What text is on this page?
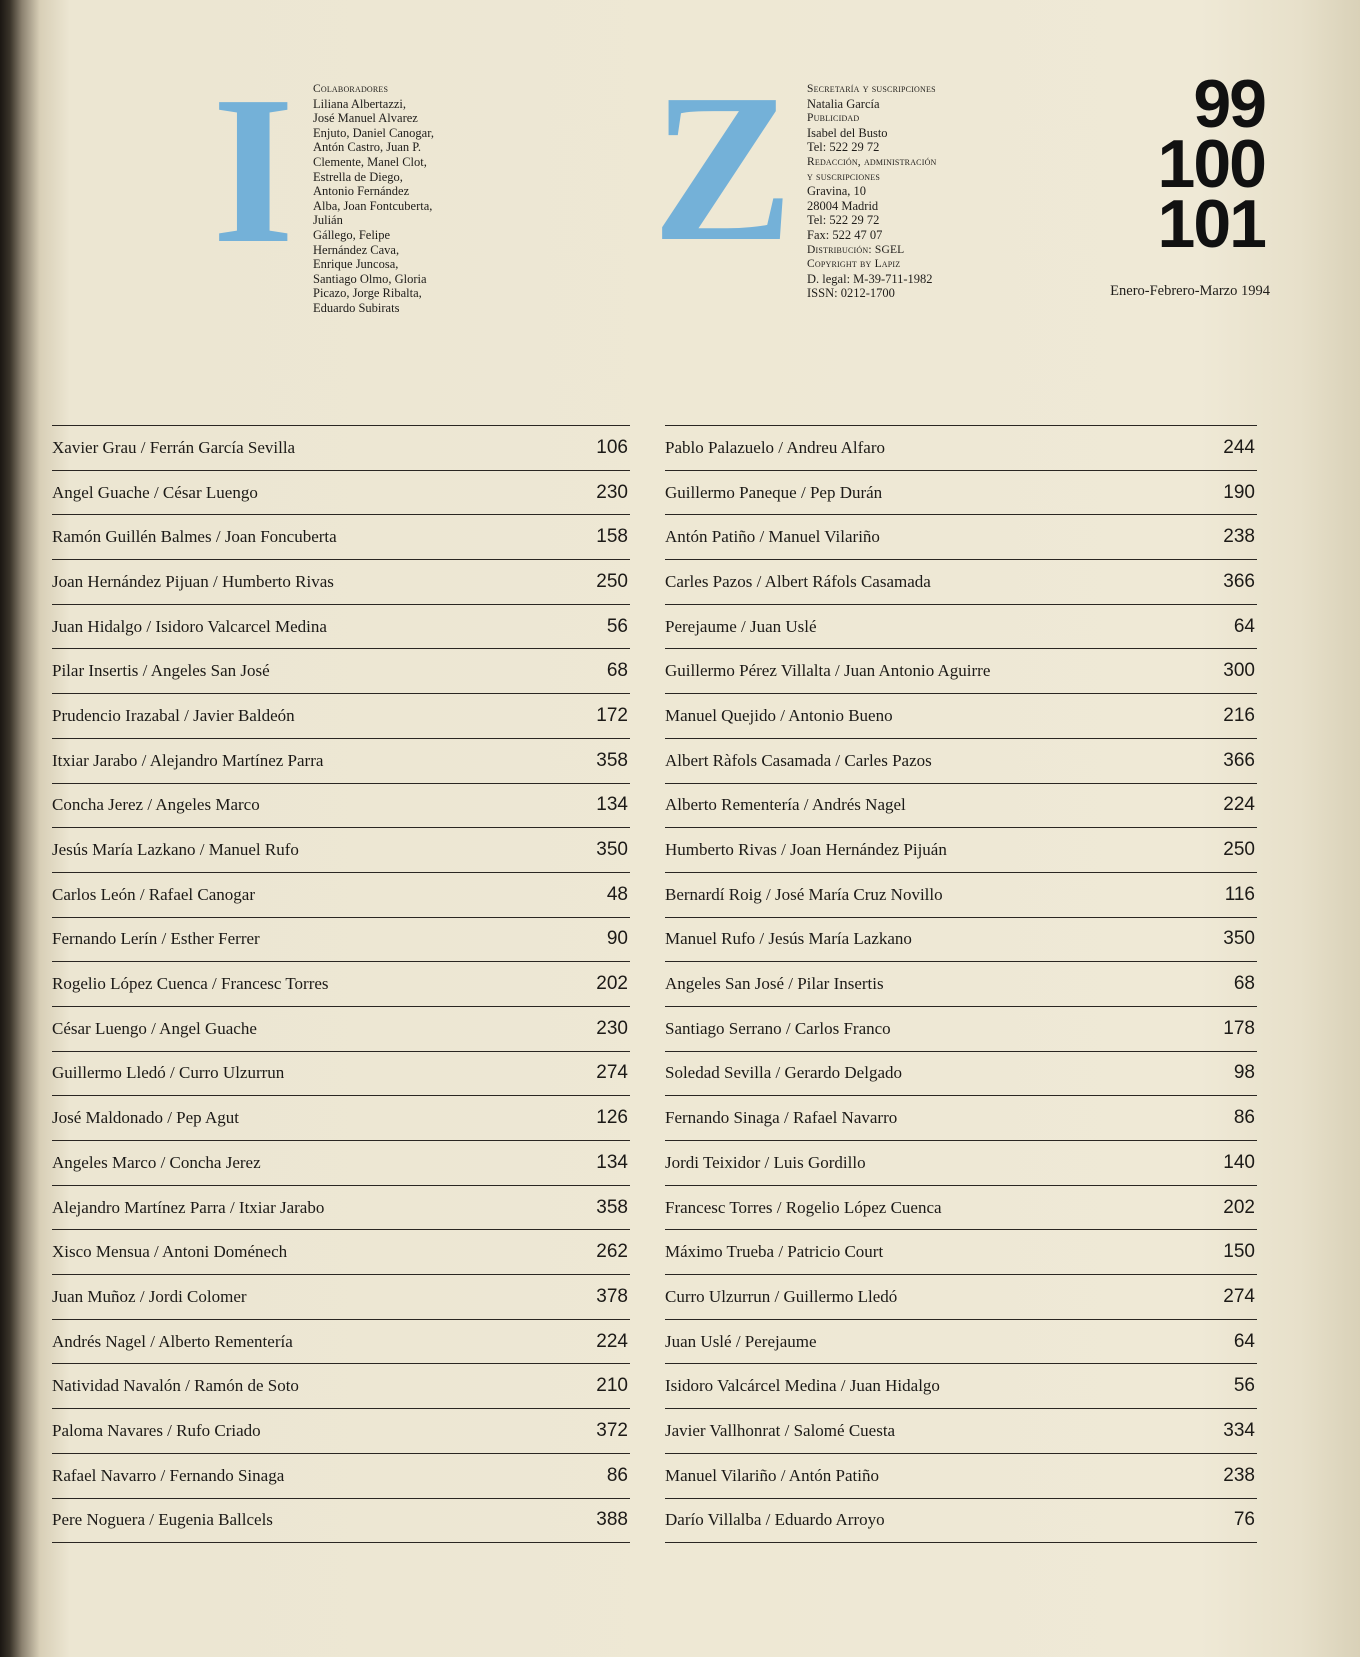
I Z
Colaboradores
Liliana Albertazzi,
José Manuel Alvarez
Enjuto, Daniel Canogar,
Antón Castro, Juan P.
Clemente, Manel Clot,
Estrella de Diego,
Antonio Fernández
Alba, Joan Fontcuberta,
Julián
Gállego, Felipe
Hernández Cava,
Enrique Juncosa,
Santiago Olmo, Gloria
Picazo, Jorge Ribalta,
Eduardo Subirats
Secretaría y suscripciones
Natalia García
Publicidad
Isabel del Busto
Tel: 522 29 72
Redacción, administración
y suscripciones
Gravina, 10
28004 Madrid
Tel: 522 29 72
Fax: 522 47 07
Distribución: SGEL
Copyright by Lapiz
D. legal: M-39-711-1982
ISSN: 0212-1700
99
100
101
Enero-Febrero-Marzo 1994
Xavier Grau / Ferrán García Sevilla	106
Angel Guache / César Luengo	230
Ramón Guillén Balmes / Joan Foncuberta	158
Joan Hernández Pijuan / Humberto Rivas	250
Juan Hidalgo / Isidoro Valcarcel Medina	56
Pilar Insertis / Angeles San José	68
Prudencio Irazabal / Javier Baldeón	172
Itxiar Jarabo / Alejandro Martínez Parra	358
Concha Jerez / Angeles Marco	134
Jesús María Lazkano / Manuel Rufo	350
Carlos León / Rafael Canogar	48
Fernando Lerín / Esther Ferrer	90
Rogelio López Cuenca / Francesc Torres	202
César Luengo / Angel Guache	230
Guillermo Lledó / Curro Ulzurrun	274
José Maldonado / Pep Agut	126
Angeles Marco / Concha Jerez	134
Alejandro Martínez Parra / Itxiar Jarabo	358
Xisco Mensua / Antoni Doménech	262
Juan Muñoz / Jordi Colomer	378
Andrés Nagel / Alberto Rementería	224
Natividad Navalón / Ramón de Soto	210
Paloma Navares / Rufo Criado	372
Rafael Navarro / Fernando Sinaga	86
Pere Noguera / Eugenia Ballcels	388
Pablo Palazuelo / Andreu Alfaro	244
Guillermo Paneque / Pep Durán	190
Antón Patiño / Manuel Vilariño	238
Carles Pazos / Albert Ráfols Casamada	366
Perejaume / Juan Uslé	64
Guillermo Pérez Villalta / Juan Antonio Aguirre	300
Manuel Quejido / Antonio Bueno	216
Albert Ràfols Casamada / Carles Pazos	366
Alberto Rementería / Andrés Nagel	224
Humberto Rivas / Joan Hernández Pijuán	250
Bernardí Roig / José María Cruz Novillo	116
Manuel Rufo / Jesús María Lazkano	350
Angeles San José / Pilar Insertis	68
Santiago Serrano / Carlos Franco	178
Soledad Sevilla / Gerardo Delgado	98
Fernando Sinaga / Rafael Navarro	86
Jordi Teixidor / Luis Gordillo	140
Francesc Torres / Rogelio López Cuenca	202
Máximo Trueba / Patricio Court	150
Curro Ulzurrun / Guillermo Lledó	274
Juan Uslé / Perejaume	64
Isidoro Valcárcel Medina / Juan Hidalgo	56
Javier Vallhonrat / Salomé Cuesta	334
Manuel Vilariño / Antón Patiño	238
Darío Villalba / Eduardo Arroyo	76
